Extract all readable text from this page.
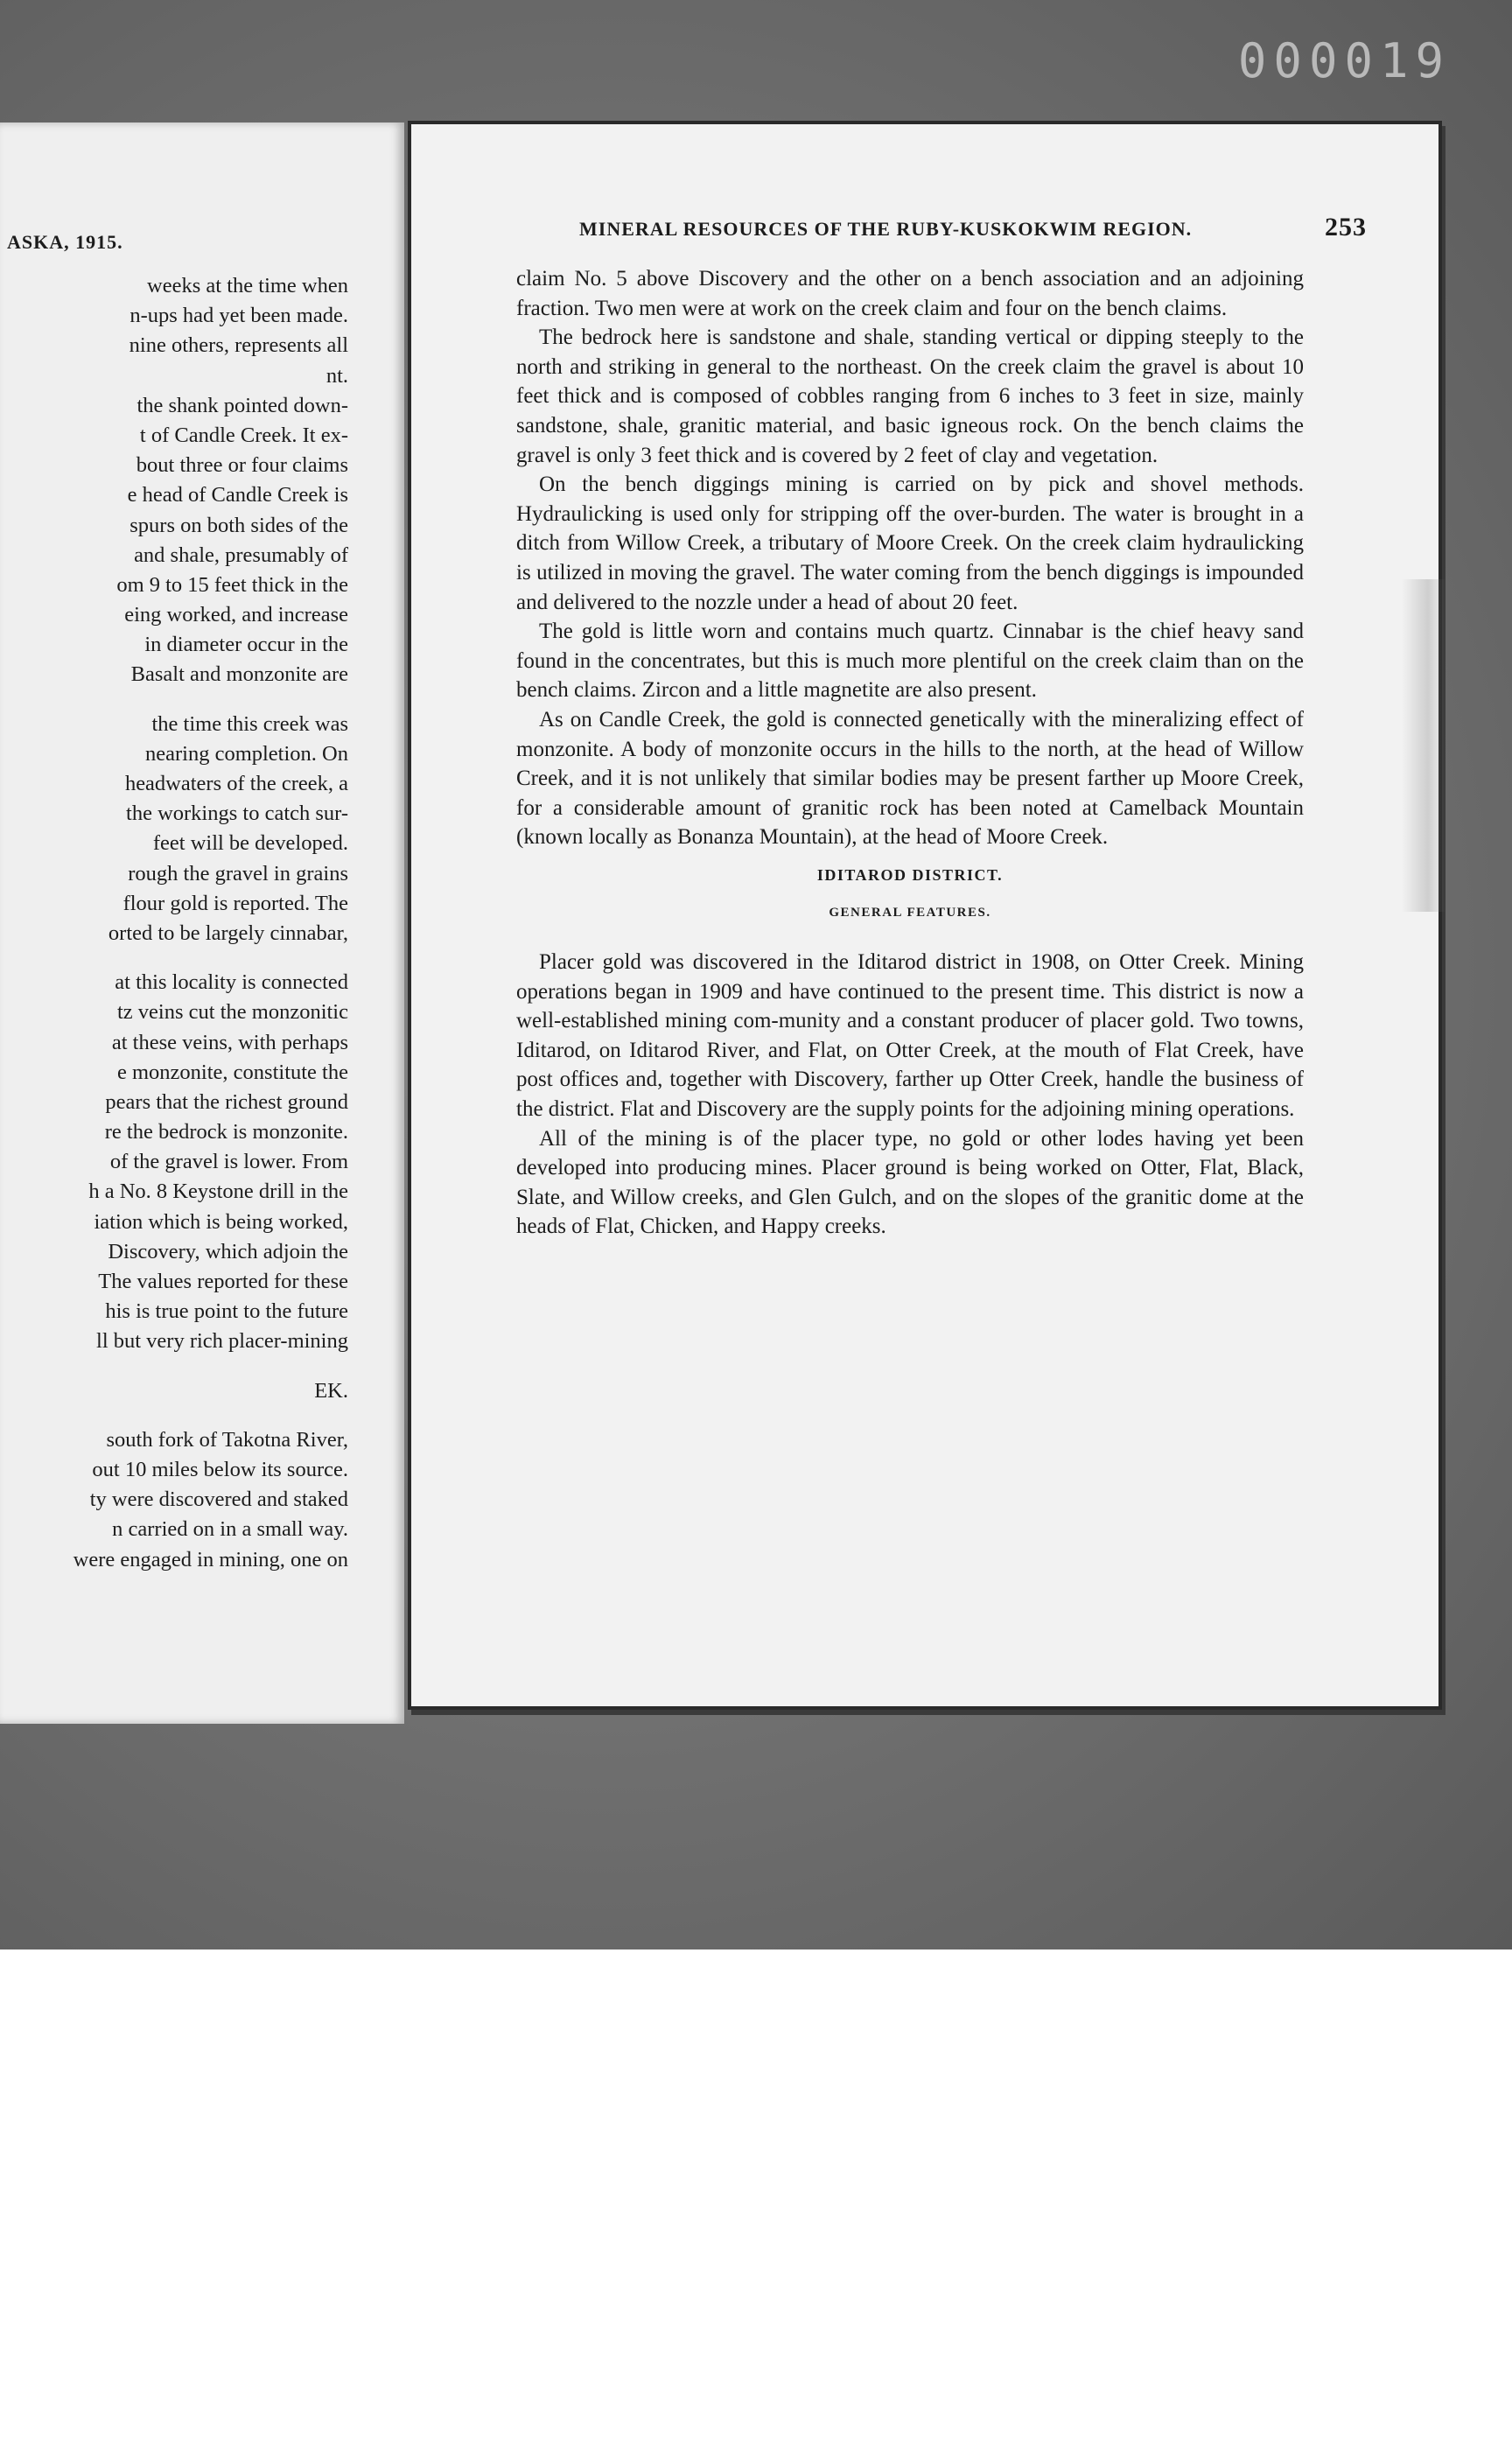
000019
ASKA, 1915.
weeks at the time when
n-ups had yet been made.
nine others, represents all
nt.
the shank pointed down-
t of Candle Creek. It ex-
bout three or four claims
e head of Candle Creek is
spurs on both sides of the
and shale, presumably of
om 9 to 15 feet thick in the
eing worked, and increase
in diameter occur in the
Basalt and monzonite are
the time this creek was
nearing completion. On
headwaters of the creek, a
the workings to catch sur-
feet will be developed.
rough the gravel in grains
flour gold is reported. The
orted to be largely cinnabar,
at this locality is connected
tz veins cut the monzonitic
at these veins, with perhaps
e monzonite, constitute the
pears that the richest ground
re the bedrock is monzonite.
of the gravel is lower. From
h a No. 8 Keystone drill in the
iation which is being worked,
Discovery, which adjoin the
The values reported for these
his is true point to the future
ll but very rich placer-mining
EK.
south fork of Takotna River,
out 10 miles below its source.
ty were discovered and staked
n carried on in a small way.
were engaged in mining, one on
MINERAL RESOURCES OF THE RUBY-KUSKOKWIM REGION.	253

claim No. 5 above Discovery and the other on a bench association and an adjoining fraction. Two men were at work on the creek claim and four on the bench claims.

The bedrock here is sandstone and shale, standing vertical or dipping steeply to the north and striking in general to the northeast. On the creek claim the gravel is about 10 feet thick and is composed of cobbles ranging from 6 inches to 3 feet in size, mainly sandstone, shale, granitic material, and basic igneous rock. On the bench claims the gravel is only 3 feet thick and is covered by 2 feet of clay and vegetation.

On the bench diggings mining is carried on by pick and shovel methods. Hydraulicking is used only for stripping off the over-burden. The water is brought in a ditch from Willow Creek, a tributary of Moore Creek. On the creek claim hydraulicking is utilized in moving the gravel. The water coming from the bench diggings is impounded and delivered to the nozzle under a head of about 20 feet.

The gold is little worn and contains much quartz. Cinnabar is the chief heavy sand found in the concentrates, but this is much more plentiful on the creek claim than on the bench claims. Zircon and a little magnetite are also present.

As on Candle Creek, the gold is connected genetically with the mineralizing effect of monzonite. A body of monzonite occurs in the hills to the north, at the head of Willow Creek, and it is not unlikely that similar bodies may be present farther up Moore Creek, for a considerable amount of granitic rock has been noted at Camelback Mountain (known locally as Bonanza Mountain), at the head of Moore Creek.

IDITAROD DISTRICT.
GENERAL FEATURES.

Placer gold was discovered in the Iditarod district in 1908, on Otter Creek. Mining operations began in 1909 and have continued to the present time. This district is now a well-established mining com-munity and a constant producer of placer gold. Two towns, Iditarod, on Iditarod River, and Flat, on Otter Creek, at the mouth of Flat Creek, have post offices and, together with Discovery, farther up Otter Creek, handle the business of the district. Flat and Discovery are the supply points for the adjoining mining operations.

All of the mining is of the placer type, no gold or other lodes having yet been developed into producing mines. Placer ground is being worked on Otter, Flat, Black, Slate, and Willow creeks, and Glen Gulch, and on the slopes of the granitic dome at the heads of Flat, Chicken, and Happy creeks.
